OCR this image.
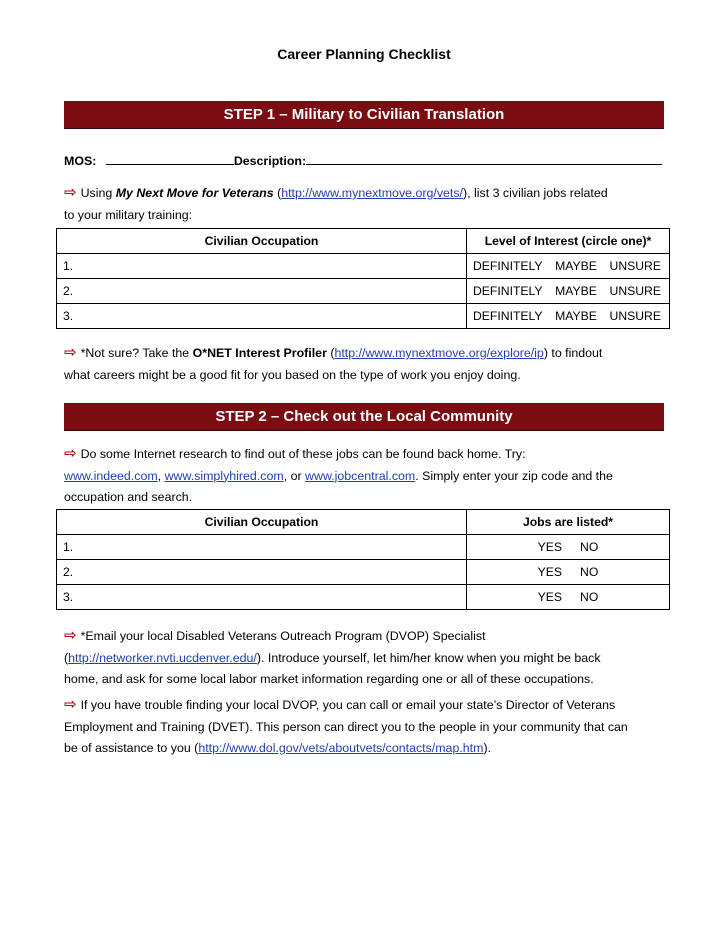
Career Planning Checklist
STEP 1 – Military to Civilian Translation
MOS:	Description:
⇨ Using My Next Move for Veterans (http://www.mynextmove.org/vets/), list 3 civilian jobs related
to your military training:
Civilian Occupation	Level of Interest (circle one)*
1.	DEFINITELY MAYBE UNSURE

2.	DEFINITELY MAYBE UNSURE

3.	DEFINITELY MAYBE UNSURE
⇨ *Not sure? Take the O*NET Interest Profiler (http://www.mynextmove.org/explore/ip) to findout
what careers might be a good fit for you based on the type of work you enjoy doing.
STEP 2 – Check out the Local Community
⇨ Do some Internet research to find out of these jobs can be found back home. Try:
www.indeed.com, www.simplyhired.com, or www.jobcentral.com. Simply enter your zip code and the
occupation and search.
Civilian Occupation	Jobs are listed*
1.	YES NO
2.	YES NO
3.	YES NO
⇨ *Email your local Disabled Veterans Outreach Program (DVOP) Specialist
(http://networker.nvti.ucdenver.edu/). Introduce yourself, let him/her know when you might be back
home, and ask for some local labor market information regarding one or all of these occupations.
⇨ If you have trouble finding your local DVOP, you can call or email your state’s Director of Veterans
Employment and Training (DVET). This person can direct you to the people in your community that can
be of assistance to you (http://www.dol.gov/vets/aboutvets/contacts/map.htm).
